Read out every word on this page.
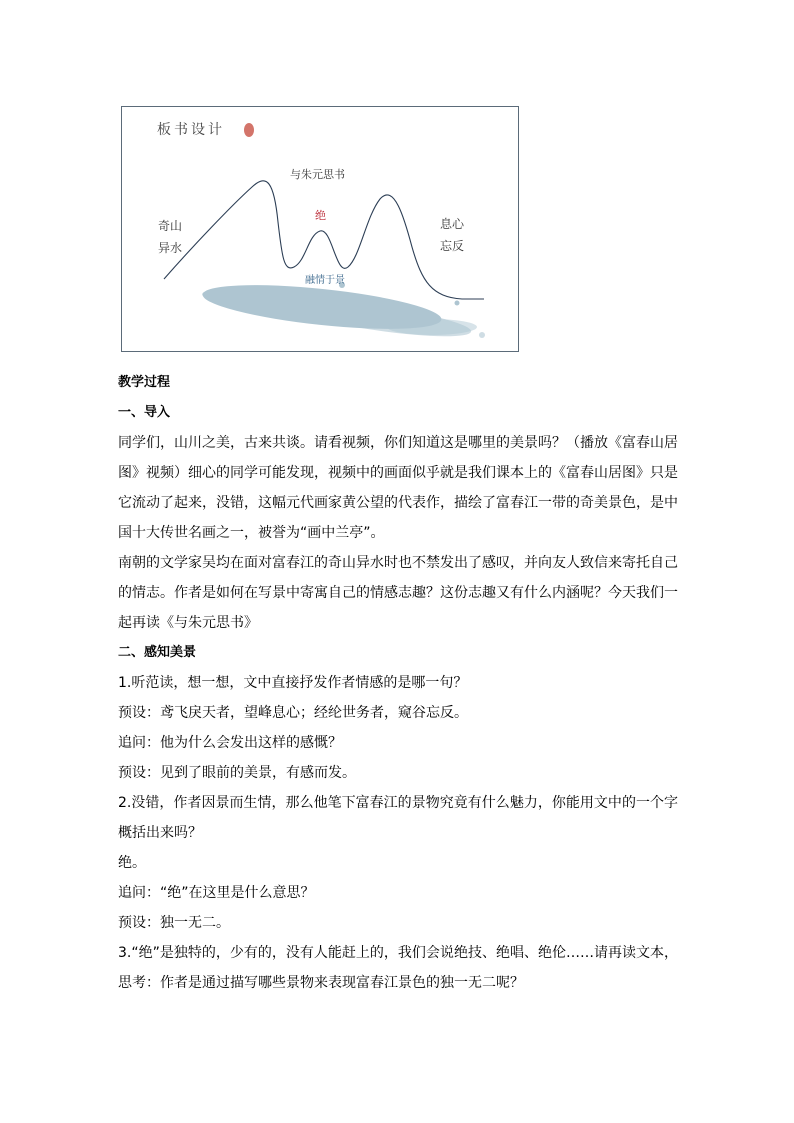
板书设计
与朱元思书
奇山
异水
息心
忘反
绝
融情于景

教学过程

一、导入

同学们，山川之美，古来共谈。请看视频，你们知道这是哪里的美景吗？（播放《富春山居图》视频）细心的同学可能发现，视频中的画面似乎就是我们课本上的《富春山居图》只是它流动了起来，没错，这幅元代画家黄公望的代表作，描绘了富春江一带的奇美景色，是中国十大传世名画之一，被誉为“画中兰亭”。

南朝的文学家吴均在面对富春江的奇山异水时也不禁发出了感叹，并向友人致信来寄托自己的情志。作者是如何在写景中寄寓自己的情感志趣？这份志趣又有什么内涵呢？今天我们一起再读《与朱元思书》

二、感知美景

1.听范读，想一想，文中直接抒发作者情感的是哪一句？

预设：鸢飞戾天者，望峰息心；经纶世务者，窥谷忘反。

追问：他为什么会发出这样的感慨？

预设：见到了眼前的美景，有感而发。

2.没错，作者因景而生情，那么他笔下富春江的景物究竟有什么魅力，你能用文中的一个字概括出来吗？

绝。

追问：“绝”在这里是什么意思？

预设：独一无二。

3.“绝”是独特的，少有的，没有人能赶上的，我们会说绝技、绝唱、绝伦……请再读文本，思考：作者是通过描写哪些景物来表现富春江景色的独一无二呢？
